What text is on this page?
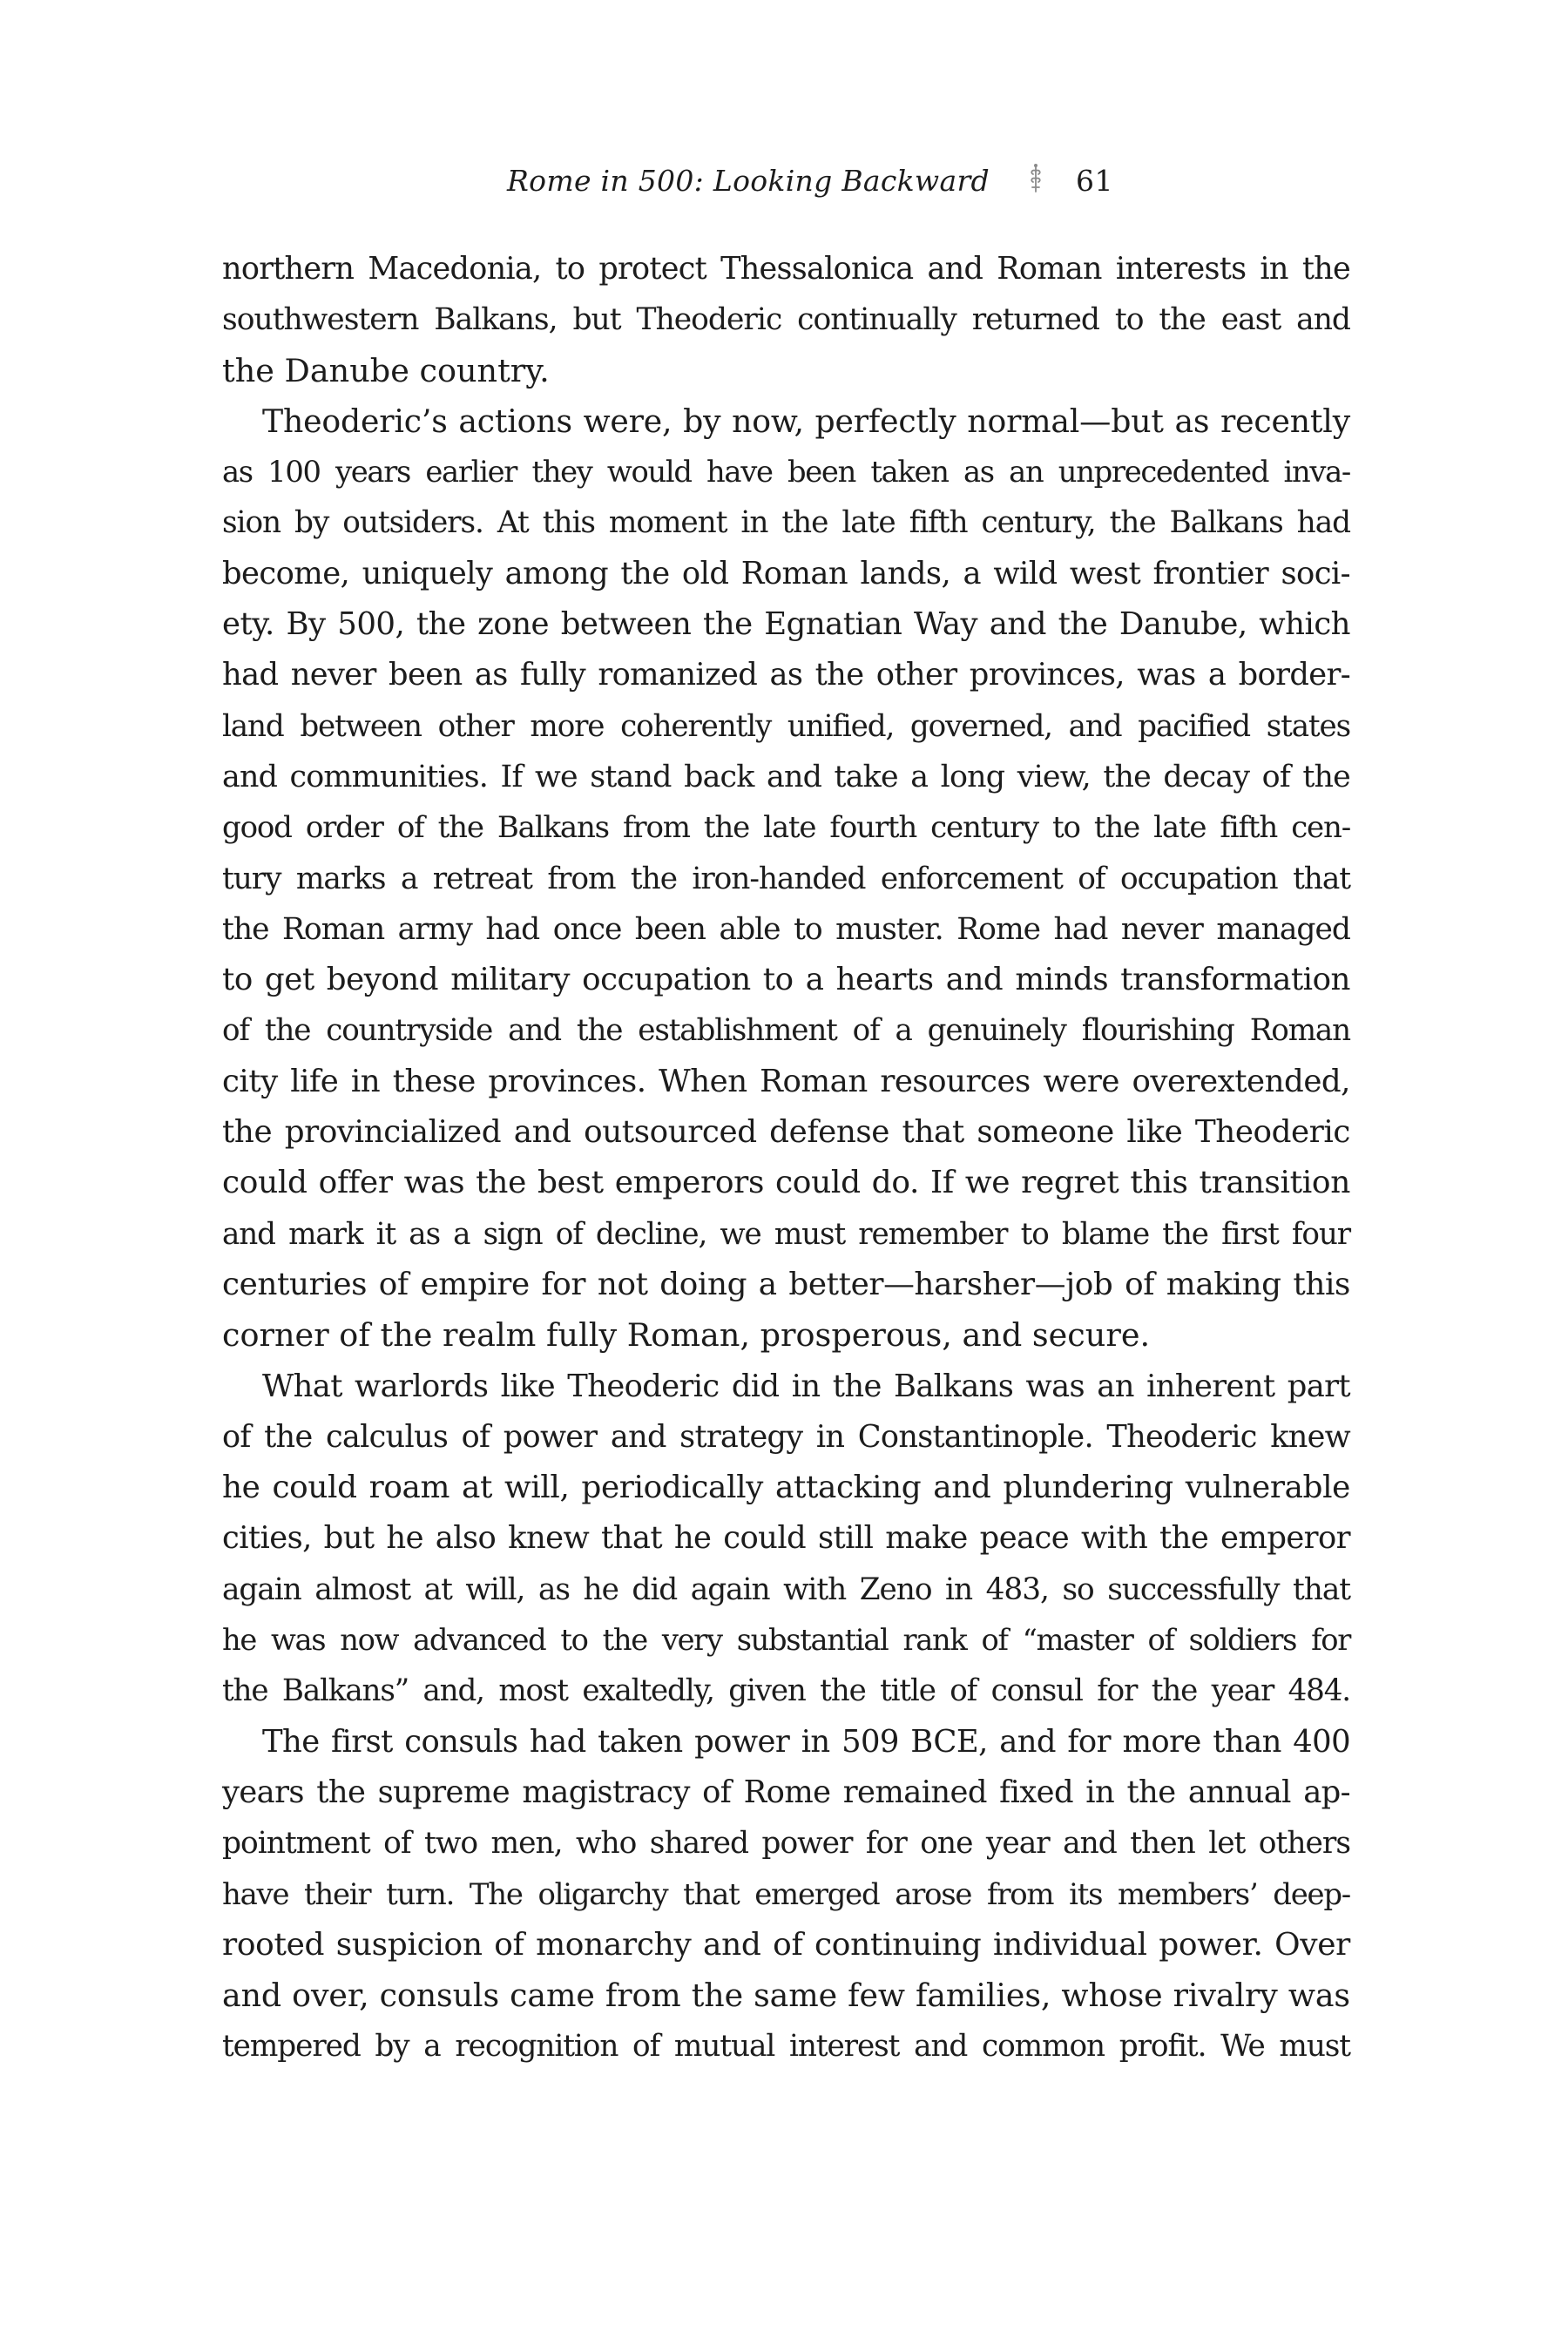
Rome in 500: Looking Backward	61
northern Macedonia, to protect Thessalonica and Roman interests in the
southwestern Balkans, but Theoderic continually returned to the east and
the Danube country.
Theoderic’s actions were, by now, perfectly normal—but as recently
as 100 years earlier they would have been taken as an unprecedented inva-
sion by outsiders. At this moment in the late fifth century, the Balkans had
become, uniquely among the old Roman lands, a wild west frontier soci-
ety. By 500, the zone between the Egnatian Way and the Danube, which
had never been as fully romanized as the other provinces, was a border-
land between other more coherently unified, governed, and pacified states
and communities. If we stand back and take a long view, the decay of the
good order of the Balkans from the late fourth century to the late fifth cen-
tury marks a retreat from the iron-handed enforcement of occupation that
the Roman army had once been able to muster. Rome had never managed
to get beyond military occupation to a hearts and minds transformation
of the countryside and the establishment of a genuinely flourishing Roman
city life in these provinces. When Roman resources were overextended,
the provincialized and outsourced defense that someone like Theoderic
could offer was the best emperors could do. If we regret this transition
and mark it as a sign of decline, we must remember to blame the first four
centuries of empire for not doing a better—harsher—job of making this
corner of the realm fully Roman, prosperous, and secure.
What warlords like Theoderic did in the Balkans was an inherent part
of the calculus of power and strategy in Constantinople. Theoderic knew
he could roam at will, periodically attacking and plundering vulnerable
cities, but he also knew that he could still make peace with the emperor
again almost at will, as he did again with Zeno in 483, so successfully that
he was now advanced to the very substantial rank of “master of soldiers for
the Balkans” and, most exaltedly, given the title of consul for the year 484.
The first consuls had taken power in 509 BCE, and for more than 400
years the supreme magistracy of Rome remained fixed in the annual ap-
pointment of two men, who shared power for one year and then let others
have their turn. The oligarchy that emerged arose from its members’ deep-
rooted suspicion of monarchy and of continuing individual power. Over
and over, consuls came from the same few families, whose rivalry was
tempered by a recognition of mutual interest and common profit. We must
